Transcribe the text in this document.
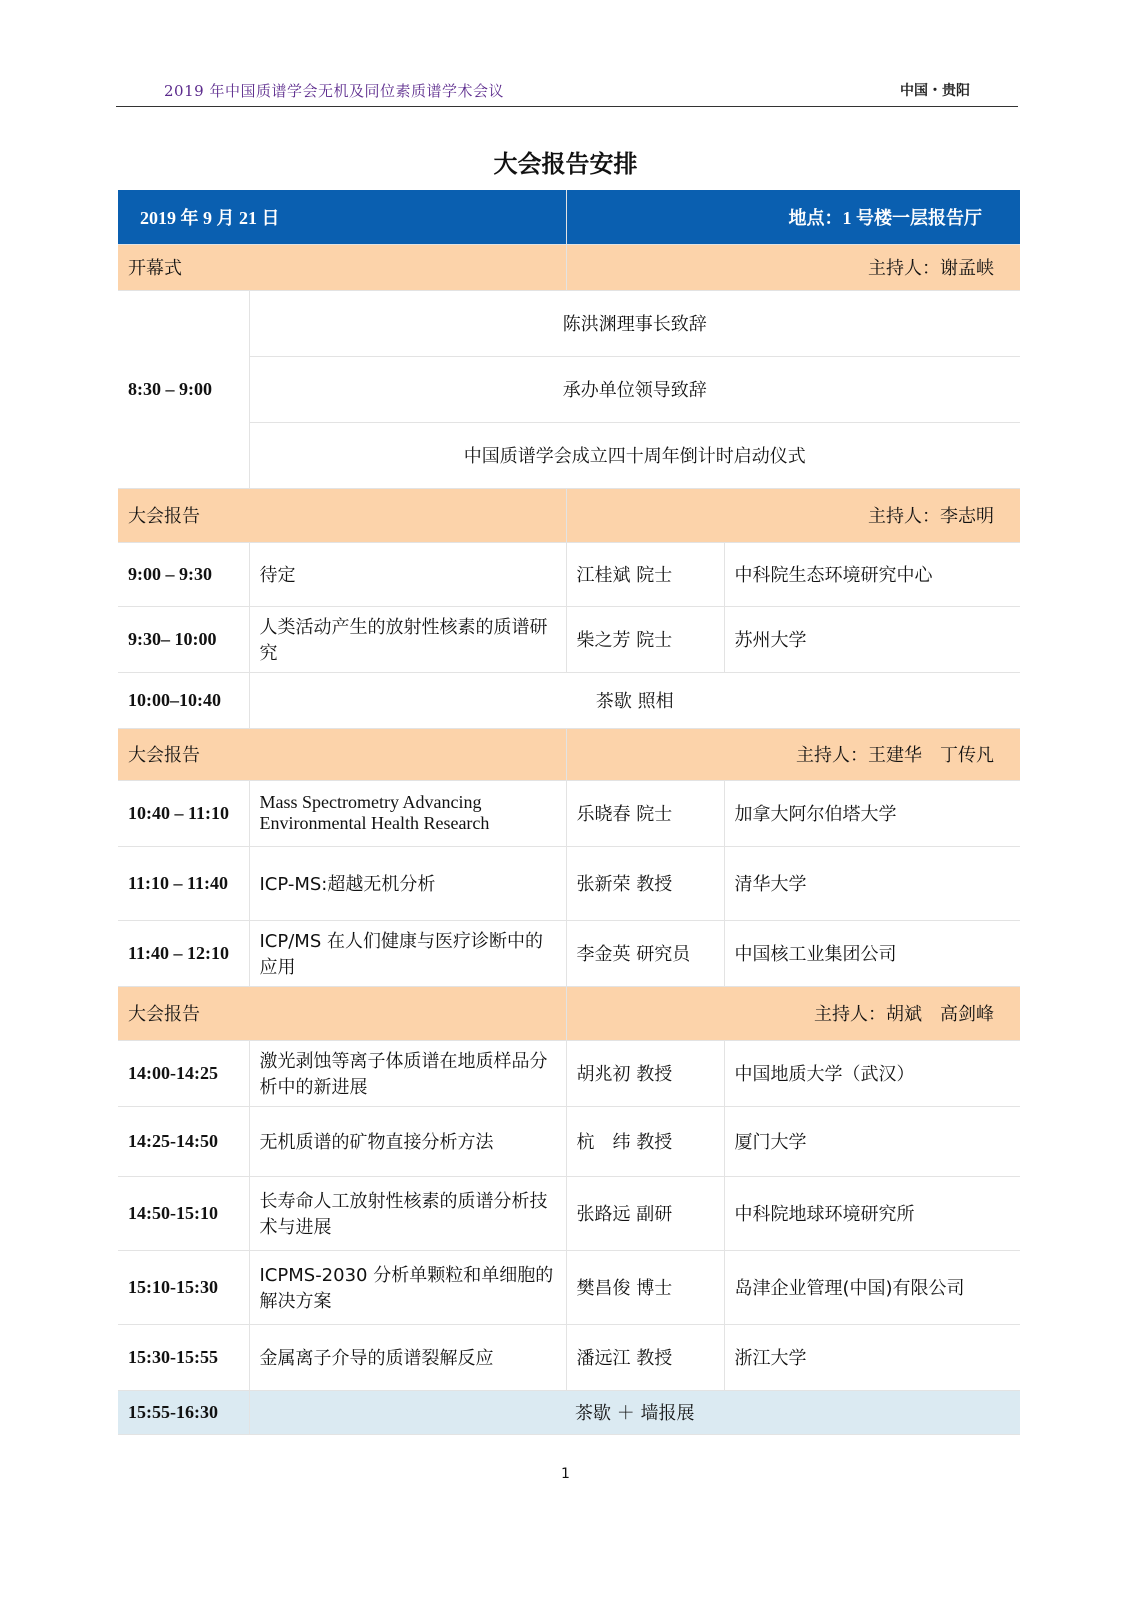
2019 年中国质谱学会无机及同位素质谱学术会议	中国・贵阳
大会报告安排
2019 年 9 月 21 日		地点：1 号楼一层报告厅	
开幕式		主持人：谢孟峡	
8:30 – 9:00	陈洪渊理事长致辞		
	承办单位领导致辞		
	中国质谱学会成立四十周年倒计时启动仪式		
大会报告		主持人：李志明	
9:00 – 9:30	待定	江桂斌 院士	中科院生态环境研究中心
9:30– 10:00	人类活动产生的放射性核素的质谱研究	柴之芳 院士	苏州大学
10:00–10:40	茶歇 照相		
大会报告		主持人：王建华　丁传凡	
10:40 – 11:10	Mass Spectrometry Advancing Environmental Health Research	乐晓春 院士	加拿大阿尔伯塔大学
11:10 – 11:40	ICP-MS:超越无机分析	张新荣 教授	清华大学
11:40 – 12:10	ICP/MS 在人们健康与医疗诊断中的应用	李金英 研究员	中国核工业集团公司
大会报告		主持人：胡斌　高剑峰	
14:00-14:25	激光剥蚀等离子体质谱在地质样品分析中的新进展	胡兆初 教授	中国地质大学（武汉）
14:25-14:50	无机质谱的矿物直接分析方法	杭　纬 教授	厦门大学
14:50-15:10	长寿命人工放射性核素的质谱分析技术与进展	张路远 副研	中科院地球环境研究所
15:10-15:30	ICPMS-2030 分析单颗粒和单细胞的解决方案	樊昌俊 博士	岛津企业管理(中国)有限公司
15:30-15:55	金属离子介导的质谱裂解反应	潘远江 教授	浙江大学
15:55-16:30	茶歇 ＋ 墙报展		
1
